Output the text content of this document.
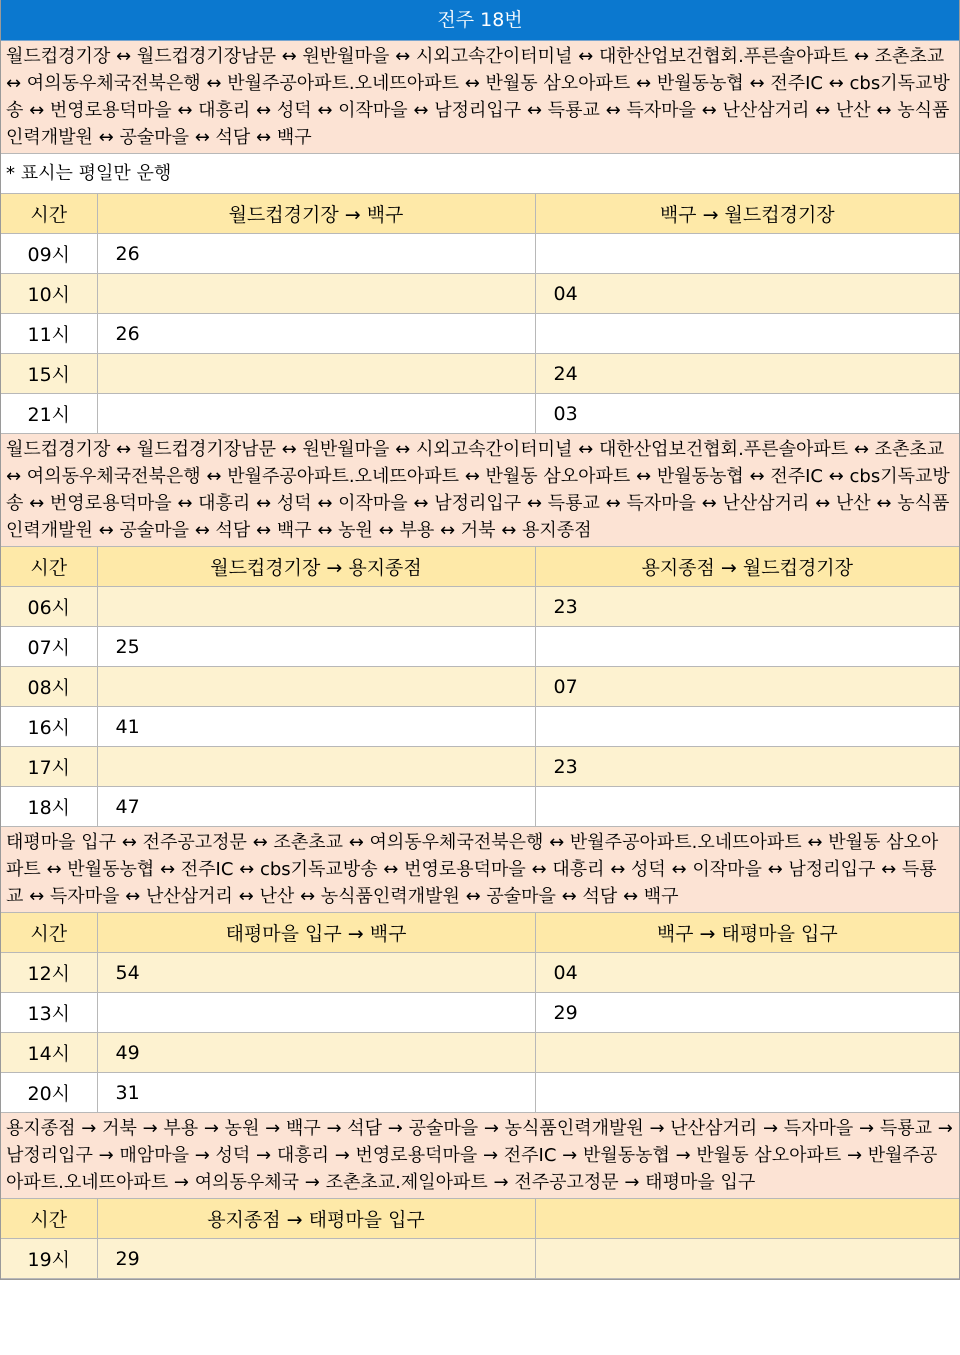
전주 18번
월드컵경기장 ↔ 월드컵경기장남문 ↔ 원반월마을 ↔ 시외고속간이터미널 ↔ 대한산업보건협회.푸른솔아파트 ↔ 조촌초교 ↔ 여의동우체국전북은행 ↔ 반월주공아파트.오네뜨아파트 ↔ 반월동 삼오아파트 ↔ 반월동농협 ↔ 전주IC ↔ cbs기독교방송 ↔ 번영로용덕마을 ↔ 대흥리 ↔ 성덕 ↔ 이작마을 ↔ 남정리입구 ↔ 득룡교 ↔ 득자마을 ↔ 난산삼거리 ↔ 난산 ↔ 농식품인력개발원 ↔ 공술마을 ↔ 석담 ↔ 백구
* 표시는 평일만 운행
시간	월드컵경기장 → 백구	백구 → 월드컵경기장
09시	26	
10시		04
11시	26	
15시		24
21시		03
월드컵경기장 ↔ 월드컵경기장남문 ↔ 원반월마을 ↔ 시외고속간이터미널 ↔ 대한산업보건협회.푸른솔아파트 ↔ 조촌초교 ↔ 여의동우체국전북은행 ↔ 반월주공아파트.오네뜨아파트 ↔ 반월동 삼오아파트 ↔ 반월동농협 ↔ 전주IC ↔ cbs기독교방송 ↔ 번영로용덕마을 ↔ 대흥리 ↔ 성덕 ↔ 이작마을 ↔ 남정리입구 ↔ 득룡교 ↔ 득자마을 ↔ 난산삼거리 ↔ 난산 ↔ 농식품인력개발원 ↔ 공술마을 ↔ 석담 ↔ 백구 ↔ 농원 ↔ 부용 ↔ 거북 ↔ 용지종점
시간	월드컵경기장 → 용지종점	용지종점 → 월드컵경기장
06시		23
07시	25	
08시		07
16시	41	
17시		23
18시	47	
태평마을 입구 ↔ 전주공고정문 ↔ 조촌초교 ↔ 여의동우체국전북은행 ↔ 반월주공아파트.오네뜨아파트 ↔ 반월동 삼오아파트 ↔ 반월동농협 ↔ 전주IC ↔ cbs기독교방송 ↔ 번영로용덕마을 ↔ 대흥리 ↔ 성덕 ↔ 이작마을 ↔ 남정리입구 ↔ 득룡교 ↔ 득자마을 ↔ 난산삼거리 ↔ 난산 ↔ 농식품인력개발원 ↔ 공술마을 ↔ 석담 ↔ 백구
시간	태평마을 입구 → 백구	백구 → 태평마을 입구
12시	54	04
13시		29
14시	49	
20시	31	
용지종점 → 거북 → 부용 → 농원 → 백구 → 석담 → 공술마을 → 농식품인력개발원 → 난산삼거리 → 득자마을 → 득룡교 → 남정리입구 → 매암마을 → 성덕 → 대흥리 → 번영로용덕마을 → 전주IC → 반월동농협 → 반월동 삼오아파트 → 반월주공아파트.오네뜨아파트 → 여의동우체국 → 조촌초교.제일아파트 → 전주공고정문 → 태평마을 입구
시간	용지종점 → 태평마을 입구	
19시	29	
